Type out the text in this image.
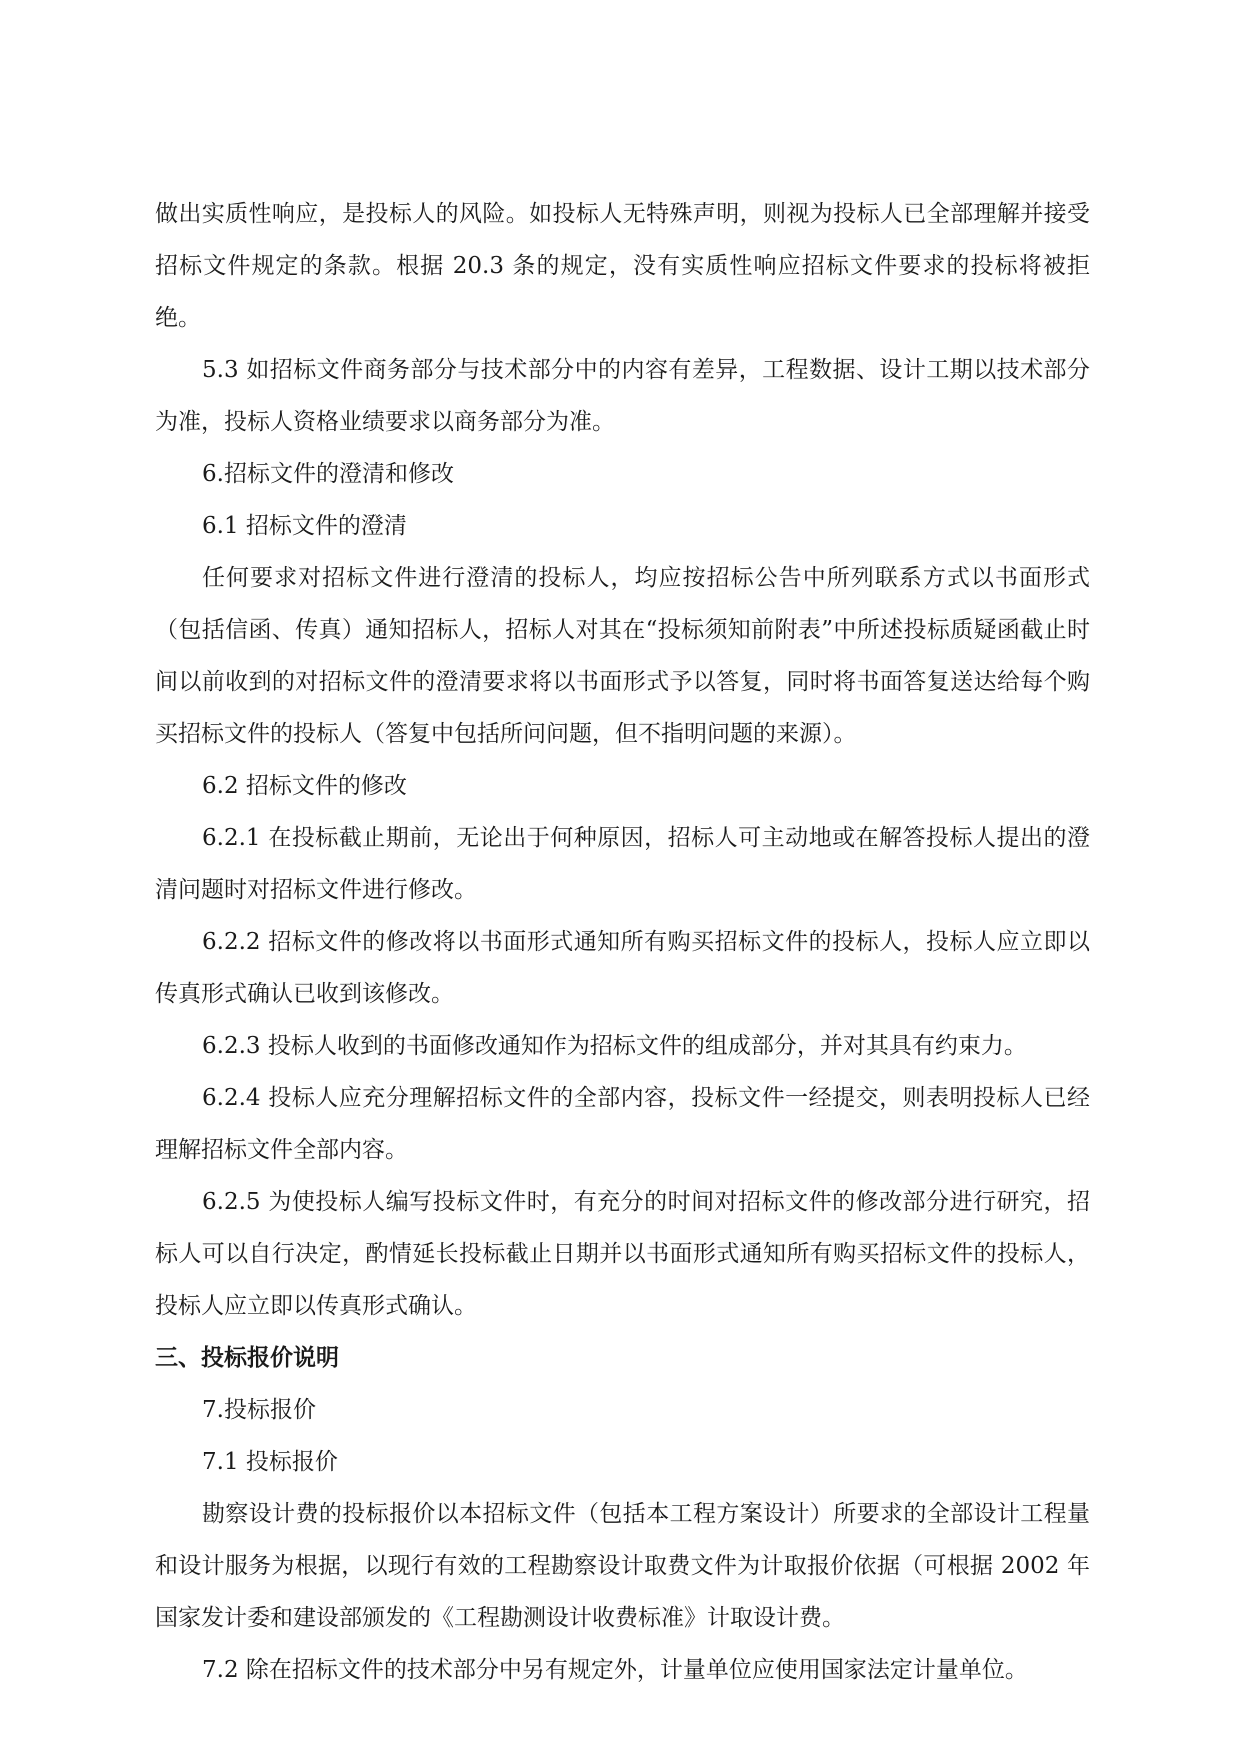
做出实质性响应，是投标人的风险。如投标人无特殊声明，则视为投标人已全部理解并接受招标文件规定的条款。根据 20.3 条的规定，没有实质性响应招标文件要求的投标将被拒绝。

5.3 如招标文件商务部分与技术部分中的内容有差异，工程数据、设计工期以技术部分为准，投标人资格业绩要求以商务部分为准。

6.招标文件的澄清和修改

6.1 招标文件的澄清

任何要求对招标文件进行澄清的投标人，均应按招标公告中所列联系方式以书面形式（包括信函、传真）通知招标人，招标人对其在“投标须知前附表”中所述投标质疑函截止时间以前收到的对招标文件的澄清要求将以书面形式予以答复，同时将书面答复送达给每个购买招标文件的投标人（答复中包括所问问题，但不指明问题的来源）。

6.2 招标文件的修改

6.2.1 在投标截止期前，无论出于何种原因，招标人可主动地或在解答投标人提出的澄清问题时对招标文件进行修改。

6.2.2 招标文件的修改将以书面形式通知所有购买招标文件的投标人，投标人应立即以传真形式确认已收到该修改。

6.2.3 投标人收到的书面修改通知作为招标文件的组成部分，并对其具有约束力。

6.2.4 投标人应充分理解招标文件的全部内容，投标文件一经提交，则表明投标人已经理解招标文件全部内容。

6.2.5 为使投标人编写投标文件时，有充分的时间对招标文件的修改部分进行研究，招标人可以自行决定，酌情延长投标截止日期并以书面形式通知所有购买招标文件的投标人，投标人应立即以传真形式确认。

三、投标报价说明

7.投标报价

7.1 投标报价

勘察设计费的投标报价以本招标文件（包括本工程方案设计）所要求的全部设计工程量和设计服务为根据，以现行有效的工程勘察设计取费文件为计取报价依据（可根据 2002 年国家发计委和建设部颁发的《工程勘测设计收费标准》计取设计费。

7.2 除在招标文件的技术部分中另有规定外，计量单位应使用国家法定计量单位。
